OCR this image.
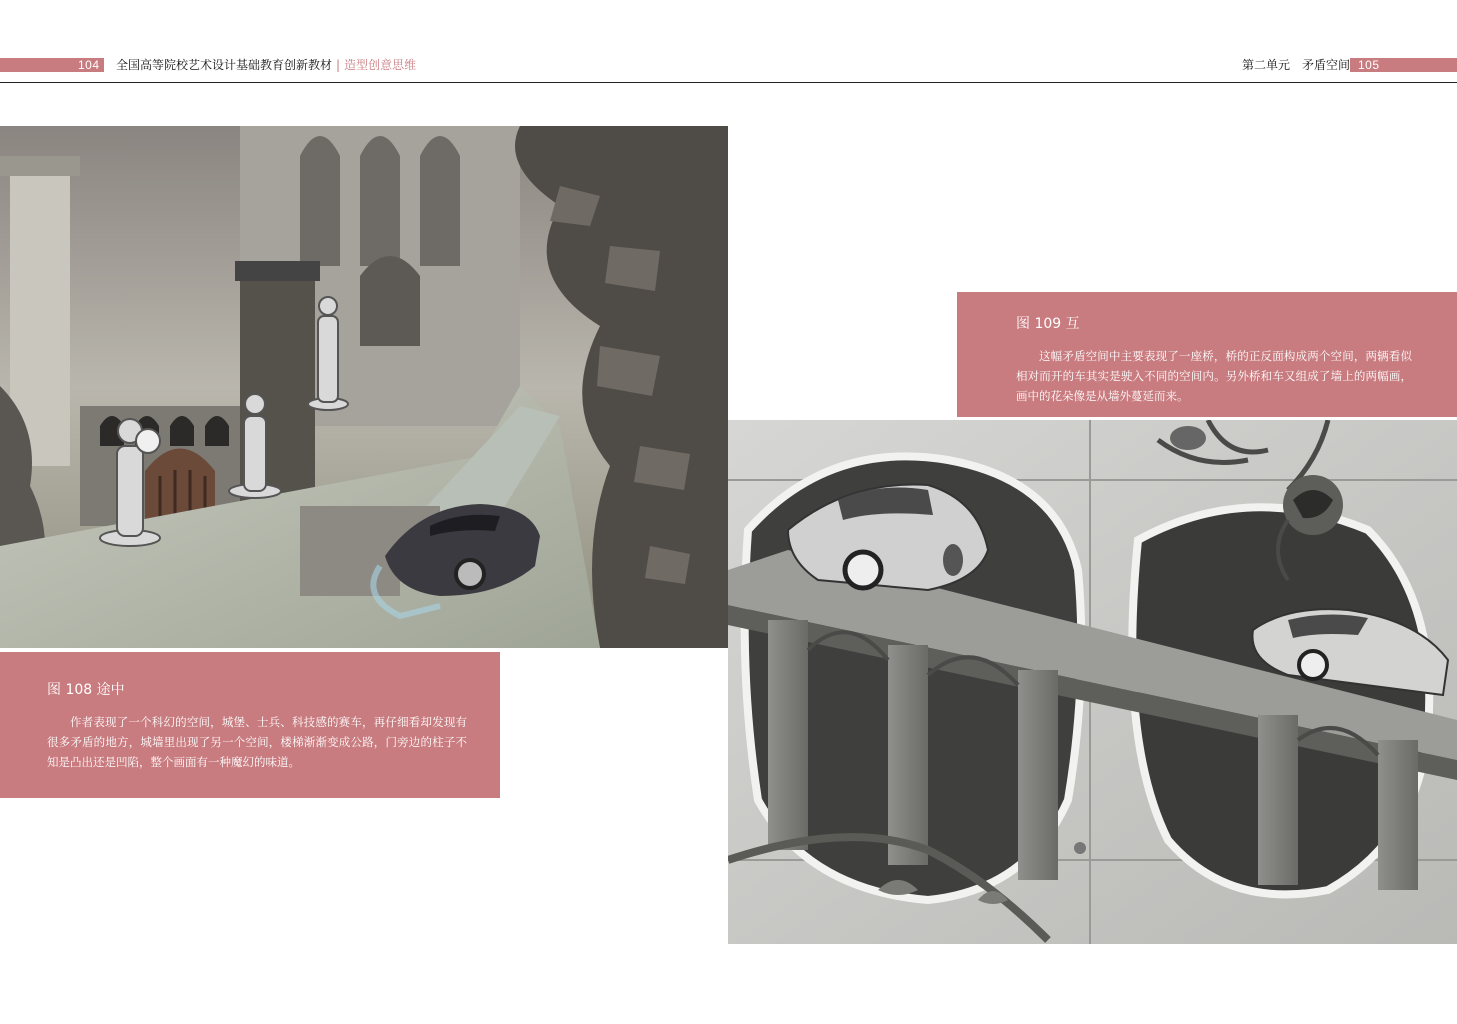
104 全国高等院校艺术设计基础教育创新教材 | 造型创意思维	第二单元　矛盾空间 105
图 108 途中
作者表现了一个科幻的空间，城堡、士兵、科技感的赛车，再仔细看却发现有很多矛盾的地方，城墙里出现了另一个空间，楼梯渐渐变成公路，门旁边的柱子不知是凸出还是凹陷，整个画面有一种魔幻的味道。
图 109 互
这幅矛盾空间中主要表现了一座桥，桥的正反面构成两个空间，两辆看似相对而开的车其实是驶入不同的空间内。另外桥和车又组成了墙上的两幅画，画中的花朵像是从墙外蔓延而来。
